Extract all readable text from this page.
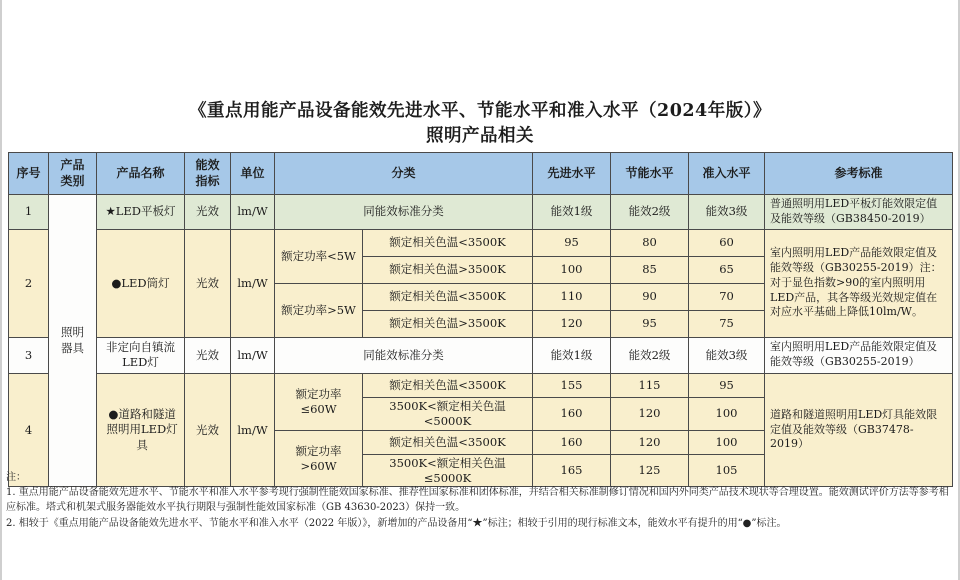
《重点用能产品设备能效先进水平、节能水平和准入水平（2024年版）》
照明产品相关
序号	产品类别	产品名称	能效指标	单位	分类		先进水平	节能水平	准入水平	参考标准
1	照明器具	★LED平板灯	光效	lm/W	同能效标准分类		能效1级	能效2级	能效3级	普通照明用LED平板灯能效限定值及能效等级（GB38450-2019）
2		●LED筒灯	光效	lm/W	额定功率<5W	额定相关色温<3500K	95	80	60	室内照明用LED产品能效限定值及能效等级（GB30255-2019）注：对于显色指数>90的室内照明用LED产品，其各等级光效规定值在对应水平基础上降低10lm/W。
						额定相关色温>3500K	100	85	65	
					额定功率>5W	额定相关色温<3500K	110	90	70	
						额定相关色温>3500K	120	95	75	
3		非定向自镇流LED灯	光效	lm/W	同能效标准分类		能效1级	能效2级	能效3级	室内照明用LED产品能效限定值及能效等级（GB30255-2019）
4		●道路和隧道照明用LED灯具	光效	lm/W	额定功率≤60W	额定相关色温<3500K	155	115	95	道路和隧道照明用LED灯具能效限定值及能效等级（GB37478-2019）
						3500K<额定相关色温<5000K	160	120	100	
					额定功率>60W	额定相关色温<3500K	160	120	100	
						3500K<额定相关色温≤5000K	165	125	105	
注：
1. 重点用能产品设备能效先进水平、节能水平和准入水平参考现行强制性能效国家标准、推荐性国家标准和团体标准，并结合相关标准制修订情况和国内外同类产品技术现状等合理设置。能效测试评价方法等参考相应标准。塔式和机架式服务器能效水平执行期限与强制性能效国家标准（GB 43630-2023）保持一致。
2. 相较于《重点用能产品设备能效先进水平、节能水平和准入水平（2022 年版）》，新增加的产品设备用“★”标注；相较于引用的现行标准文本，能效水平有提升的用“●”标注。
